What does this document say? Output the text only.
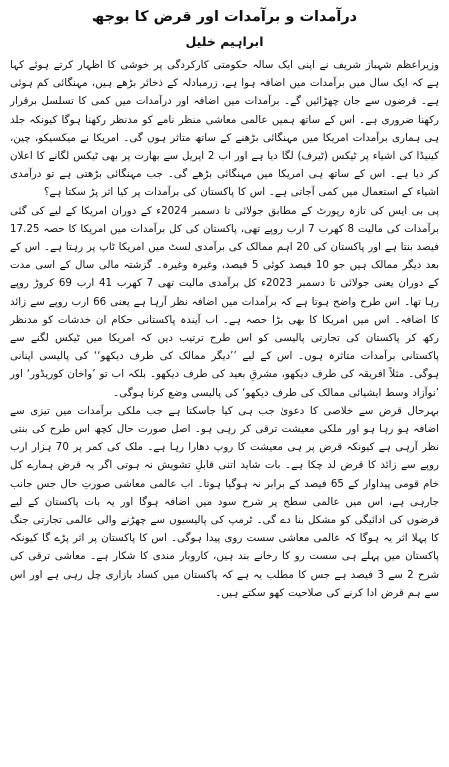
درآمدات و برآمدات اور قرض کا بوجھ
ابراہیم خلیل

وزیراعظم شہباز شریف نے اپنی ایک سالہ حکومتی کارکردگی پر خوشی کا اظہار کرتے ہوئے کہا ہے کہ ایک سال میں برآمدات میں اضافہ ہوا ہے، زرمبادلہ کے ذخائر بڑھے ہیں، مہنگائی کم ہوئی ہے۔ قرضوں سے جان چھڑائیں گے۔ برآمدات میں اضافہ اور درآمدات میں کمی کا تسلسل برقرار رکھنا ضروری ہے۔ اس کے ساتھ ہمیں عالمی معاشی منظر نامے کو مدنظر رکھنا ہوگا کیونکہ جلد ہی ہماری برآمدات امریکا میں مہنگائی بڑھنے کے ساتھ متاثر ہوں گی۔ امریکا نے میکسیکو، چین، کینیڈا کی اشیاء پر ٹیکس (ٹیرف) لگا دیا ہے اور اب 2 اپریل سے بھارت پر بھی ٹیکس لگانے کا اعلان کر دیا ہے۔ اس کے ساتھ ہی امریکا میں مہنگائی بڑھے گی۔ جب مہنگائی بڑھتی ہے تو درآمدی اشیاء کے استعمال میں کمی آجاتی ہے۔ اس کا پاکستان کی برآمدات پر کیا اثر پڑ سکتا ہے؟

پی بی ایس کی تازہ رپورٹ کے مطابق جولائی تا دسمبر 2024ء کے دوران امریکا کے لیے کی گئی برآمدات کی مالیت 8 کھرب 7 ارب روپے تھی، پاکستان کی کل برآمدات میں امریکا کا حصہ 17.25 فیصد بنتا ہے اور پاکستان کی 20 اہم ممالک کی برآمدی لسٹ میں امریکا ٹاپ پر رہتا ہے۔ اس کے بعد دیگر ممالک ہیں جو 10 فیصد کوئی 5 فیصد، وغیرہ وغیرہ۔ گزشتہ مالی سال کے اسی مدت کے دوران یعنی جولائی تا دسمبر 2023ء کل برآمدی مالیت تھی 7 کھرب 41 ارب 69 کروڑ روپے رہا تھا۔ اس طرح واضح ہوتا ہے کہ برآمدات میں اضافہ نظر آرہا ہے یعنی 66 ارب روپے سے زائد کا اضافہ۔ اس میں امریکا کا بھی بڑا حصہ ہے۔ اب آیندہ پاکستانی حکام ان خدشات کو مدنظر رکھ کر پاکستان کی تجارتی پالیسی کو اس طرح ترتیب دیں کہ امریکا میں ٹیکس لگنے سے پاکستانی برآمدات متاثرہ ہوں۔ اس کے لیے ’’دیگر ممالک کی طرف دیکھو‘‘ کی پالیسی اپنانی ہوگی۔ مثلاً افریقہ کی طرف دیکھو، مشرقِ بعید کی طرف دیکھو۔ بلکہ اب تو ’واخان کوریڈور‘ اور ’نوآزاد وسط ایشیائی ممالک کی طرف دیکھو‘ کی پالیسی وضع کرنا ہوگی۔

بہرحال قرض سے خلاصی کا دعویٰ جب ہی کیا جاسکتا ہے جب ملکی برآمدات میں تیزی سے اضافہ ہو رہا ہو اور ملکی معیشت ترقی کر رہی ہو۔ اصل صورت حال کچھ اس طرح کی بنتی نظر آرہی ہے کیونکہ قرض پر ہی معیشت کا روپ دھارا رہا ہے۔ ملک کی کمر پر 70 ہزار ارب روپے سے زائد کا قرض لد چکا ہے۔ بات شاید اتنی قابلِ تشویش نہ ہوتی اگر یہ قرض ہمارے کل خام قومی پیداوار کے 65 فیصد کے برابر نہ ہوگیا ہوتا۔ اب عالمی معاشی صورتِ حال جس جانب جارہی ہے، اس میں عالمی سطح پر شرح سود میں اضافہ ہوگا اور یہ بات پاکستان کے لیے قرضوں کی ادائیگی کو مشکل بنا دے گی۔ ٹرمپ کی پالیسیوں سے چھڑنے والی عالمی تجارتی جنگ کا پہلا اثر یہ ہوگا کہ عالمی معاشی سست روی پیدا ہوگی۔ اس کا پاکستان پر اثر پڑے گا کیونکہ پاکستان میں پہلے ہی سست رو کا رخانے بند ہیں، کاروبار مندی کا شکار ہے۔ معاشی ترقی کی شرح 2 سے 3 فیصد ہے جس کا مطلب یہ ہے کہ پاکستان میں کساد بازاری چل رہی ہے اور اس سے ہم قرض ادا کرنے کی صلاحیت کھو سکتے ہیں۔
